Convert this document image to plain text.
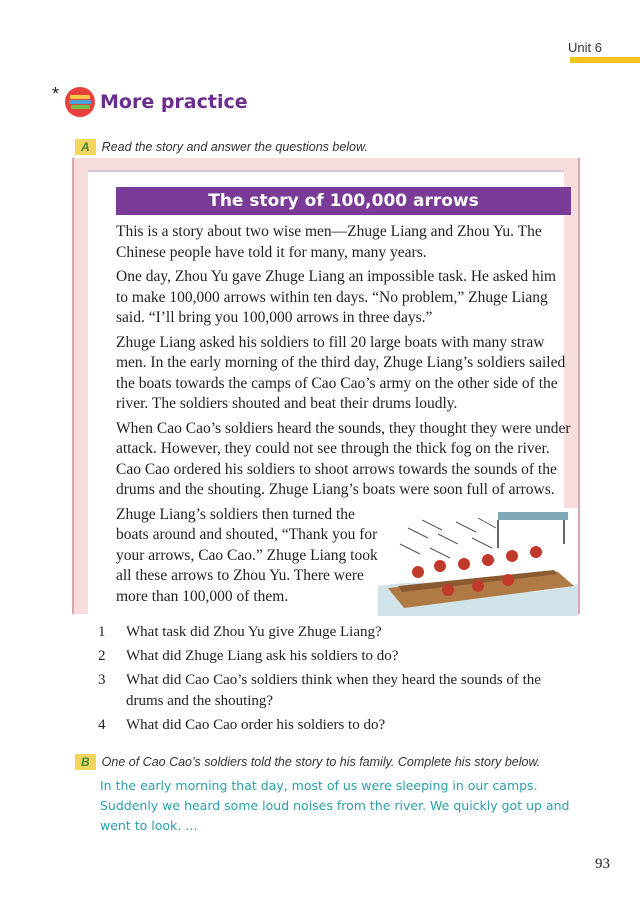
Unit 6
* More practice
A Read the story and answer the questions below.
The story of 100,000 arrows

This is a story about two wise men—Zhuge Liang and Zhou Yu. The Chinese people have told it for many, many years.

One day, Zhou Yu gave Zhuge Liang an impossible task. He asked him to make 100,000 arrows within ten days. “No problem,” Zhuge Liang said. “I’ll bring you 100,000 arrows in three days.”

Zhuge Liang asked his soldiers to fill 20 large boats with many straw men. In the early morning of the third day, Zhuge Liang’s soldiers sailed the boats towards the camps of Cao Cao’s army on the other side of the river. The soldiers shouted and beat their drums loudly.

When Cao Cao’s soldiers heard the sounds, they thought they were under attack. However, they could not see through the thick fog on the river. Cao Cao ordered his soldiers to shoot arrows towards the sounds of the drums and the shouting. Zhuge Liang’s boats were soon full of arrows.

Zhuge Liang’s soldiers then turned the boats around and shouted, “Thank you for your arrows, Cao Cao.” Zhuge Liang took all these arrows to Zhou Yu. There were more than 100,000 of them.

1	What task did Zhou Yu give Zhuge Liang?
2	What did Zhuge Liang ask his soldiers to do?
3	What did Cao Cao’s soldiers think when they heard the sounds of the drums and the shouting?
4	What did Cao Cao order his soldiers to do?
B One of Cao Cao’s soldiers told the story to his family. Complete his story below.
In the early morning that day, most of us were sleeping in our camps. Suddenly we heard some loud noises from the river. We quickly got up and went to look. …
93
